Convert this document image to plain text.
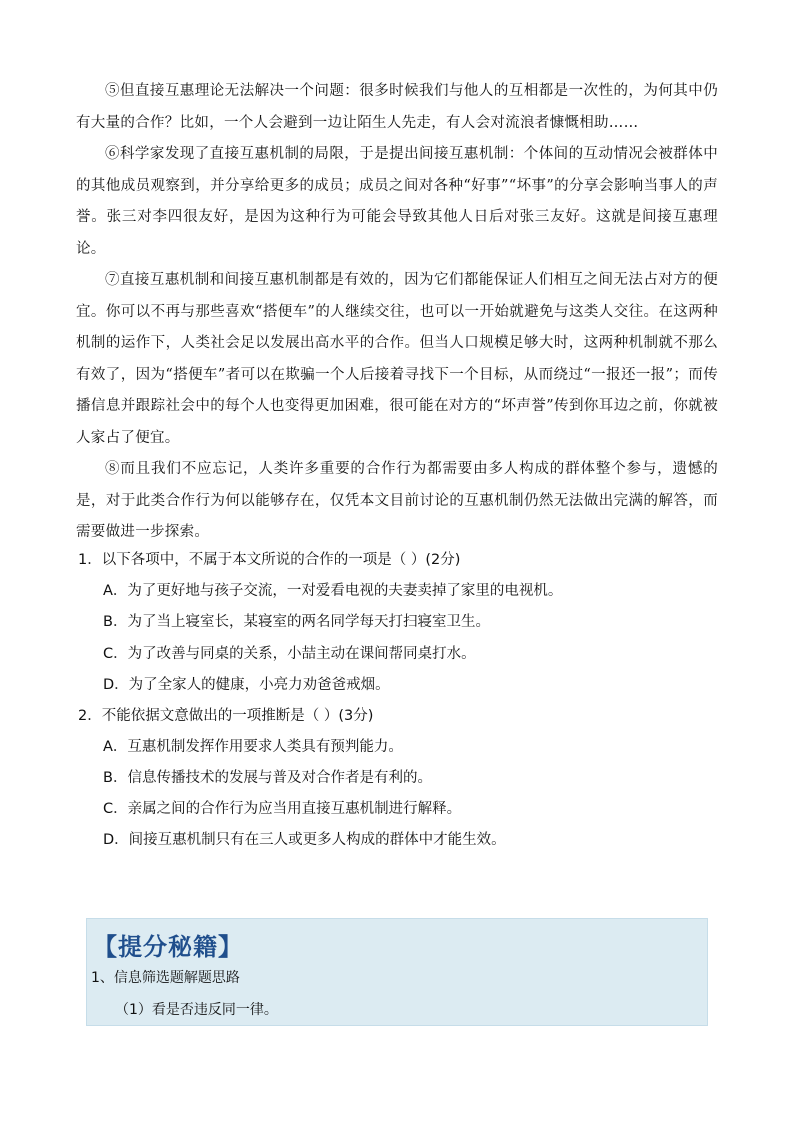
⑤但直接互惠理论无法解决一个问题：很多时候我们与他人的互相都是一次性的，为何其中仍有大量的合作？比如，一个人会避到一边让陌生人先走，有人会对流浪者慷慨相助……

⑥科学家发现了直接互惠机制的局限，于是提出间接互惠机制：个体间的互动情况会被群体中的其他成员观察到，并分享给更多的成员；成员之间对各种“好事”“坏事”的分享会影响当事人的声誉。张三对李四很友好，是因为这种行为可能会导致其他人日后对张三友好。这就是间接互惠理论。

⑦直接互惠机制和间接互惠机制都是有效的，因为它们都能保证人们相互之间无法占对方的便宜。你可以不再与那些喜欢“搭便车”的人继续交往，也可以一开始就避免与这类人交往。在这两种机制的运作下，人类社会足以发展出高水平的合作。但当人口规模足够大时，这两种机制就不那么有效了，因为“搭便车”者可以在欺骗一个人后接着寻找下一个目标，从而绕过“一报还一报”；而传播信息并跟踪社会中的每个人也变得更加困难，很可能在对方的“坏声誉”传到你耳边之前，你就被人家占了便宜。

⑧而且我们不应忘记，人类许多重要的合作行为都需要由多人构成的群体整个参与，遗憾的是，对于此类合作行为何以能够存在，仅凭本文目前讨论的互惠机制仍然无法做出完满的解答，而需要做进一步探索。

1．以下各项中，不属于本文所说的合作的一项是（ ）(2分)

A．为了更好地与孩子交流，一对爱看电视的夫妻卖掉了家里的电视机。

B．为了当上寝室长，某寝室的两名同学每天打扫寝室卫生。

C．为了改善与同桌的关系，小喆主动在课间帮同桌打水。

D．为了全家人的健康，小亮力劝爸爸戒烟。

2．不能依据文意做出的一项推断是（ ）(3分)

A．互惠机制发挥作用要求人类具有预判能力。

B．信息传播技术的发展与普及对合作者是有利的。

C．亲属之间的合作行为应当用直接互惠机制进行解释。

D．间接互惠机制只有在三人或更多人构成的群体中才能生效。

【提分秘籍】
1、信息筛选题解题思路
（1）看是否违反同一律。
